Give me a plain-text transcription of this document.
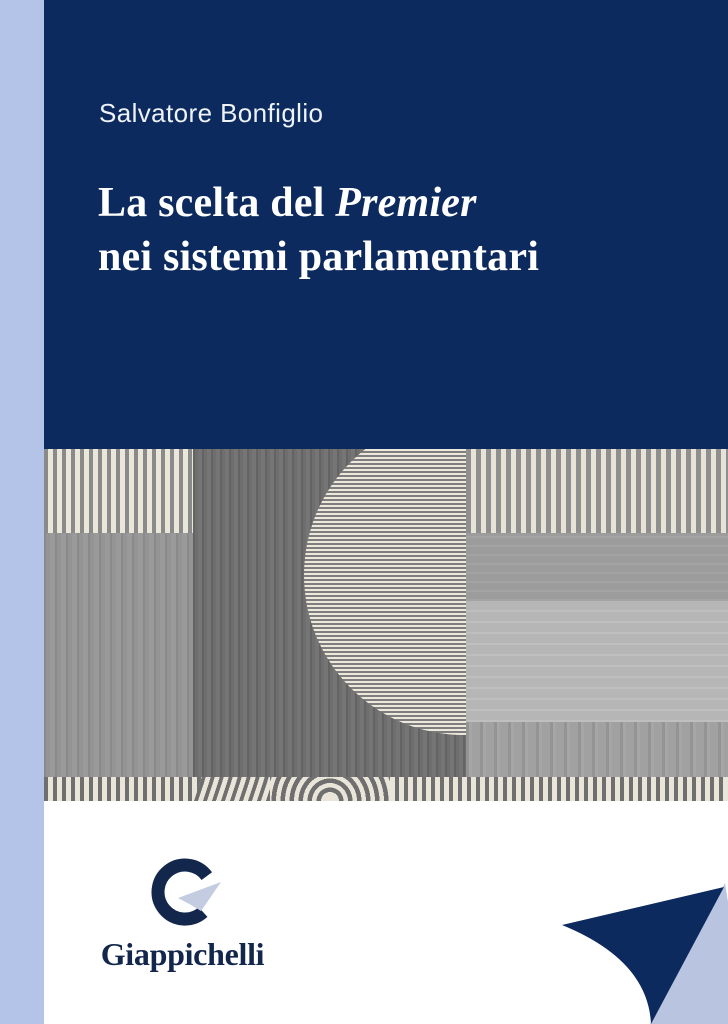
Salvatore Bonfiglio
La scelta del Premier
nei sistemi parlamentari
Giappichelli
